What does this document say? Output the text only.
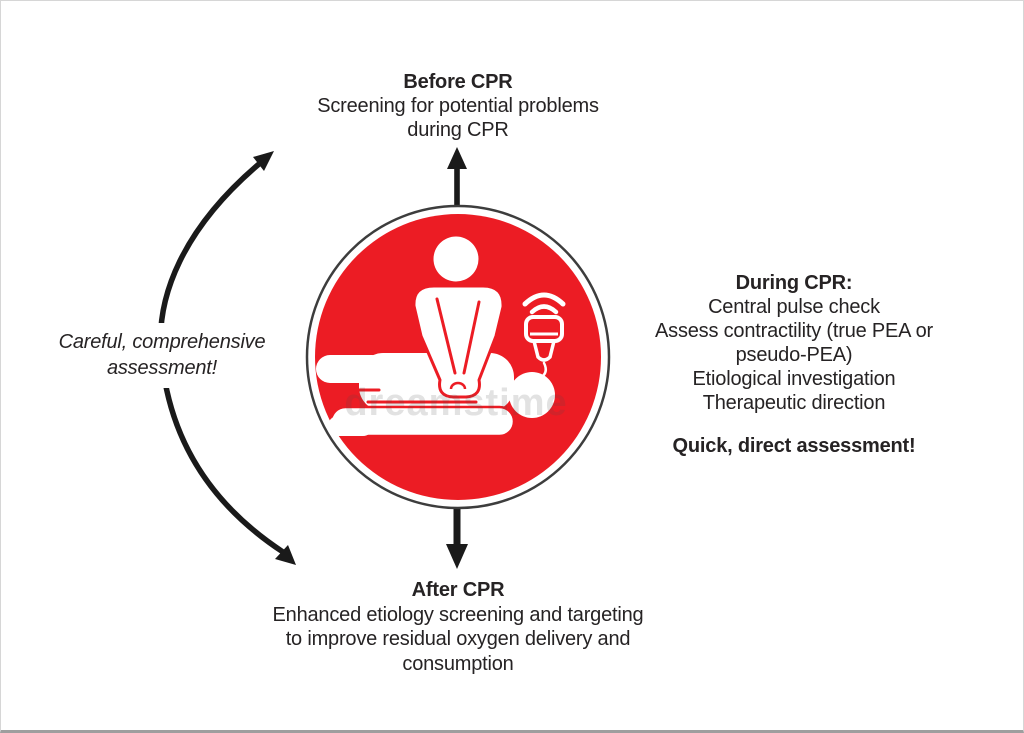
Before CPR
Screening for potential problems
during CPR
During CPR:
Central pulse check
Assess contractility (true PEA or
pseudo-PEA)
Etiological investigation
Therapeutic direction
Quick, direct assessment!
After CPR
Enhanced etiology screening and targeting
to improve residual oxygen delivery and
consumption
Careful, comprehensive
assessment!
